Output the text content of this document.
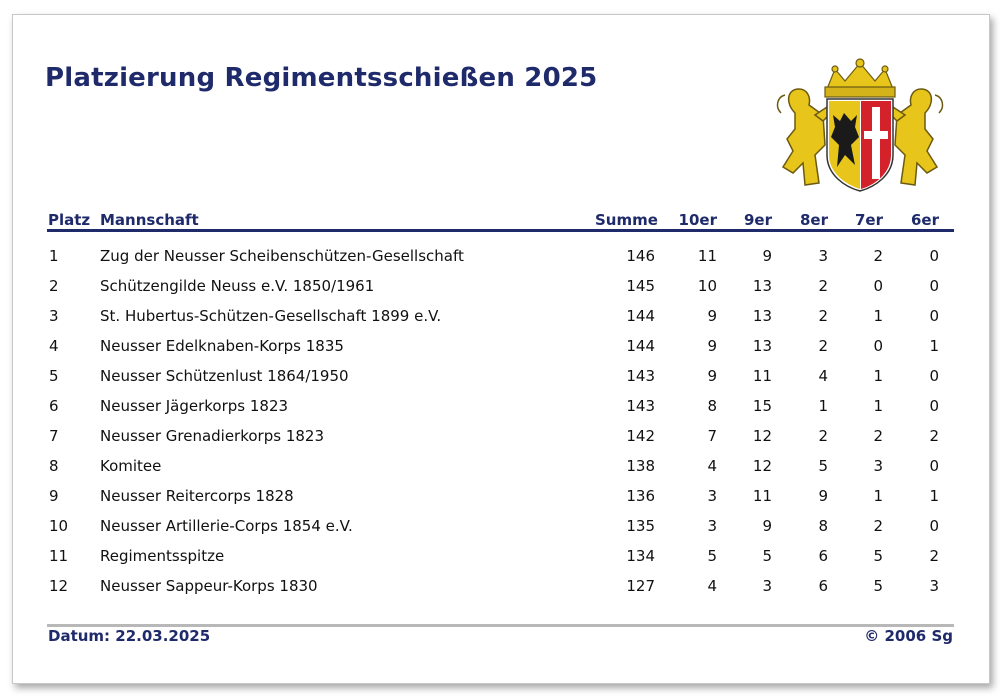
Platzierung Regimentsschießen 2025
Platz Mannschaft	Summe	10er	9er	8er	7er	6er
1	Zug der Neusser Scheibenschützen-Gesellschaft	146	11	9	3	2	0
2	Schützengilde Neuss e.V. 1850/1961	145	10	13	2	0	0
3	St. Hubertus-Schützen-Gesellschaft 1899 e.V.	144	9	13	2	1	0
4	Neusser Edelknaben-Korps 1835	144	9	13	2	0	1
5	Neusser Schützenlust 1864/1950	143	9	11	4	1	0
6	Neusser Jägerkorps 1823	143	8	15	1	1	0
7	Neusser Grenadierkorps 1823	142	7	12	2	2	2
8	Komitee	138	4	12	5	3	0
9	Neusser Reitercorps 1828	136	3	11	9	1	1
10 Neusser Artillerie-Corps 1854 e.V.	135	3	9	8	2	0
11 Regimentsspitze	134	5	5	6	5	2
12 Neusser Sappeur-Korps 1830	127	4	3	6	5	3
Datum: 22.03.2025	© 2006 Sg
